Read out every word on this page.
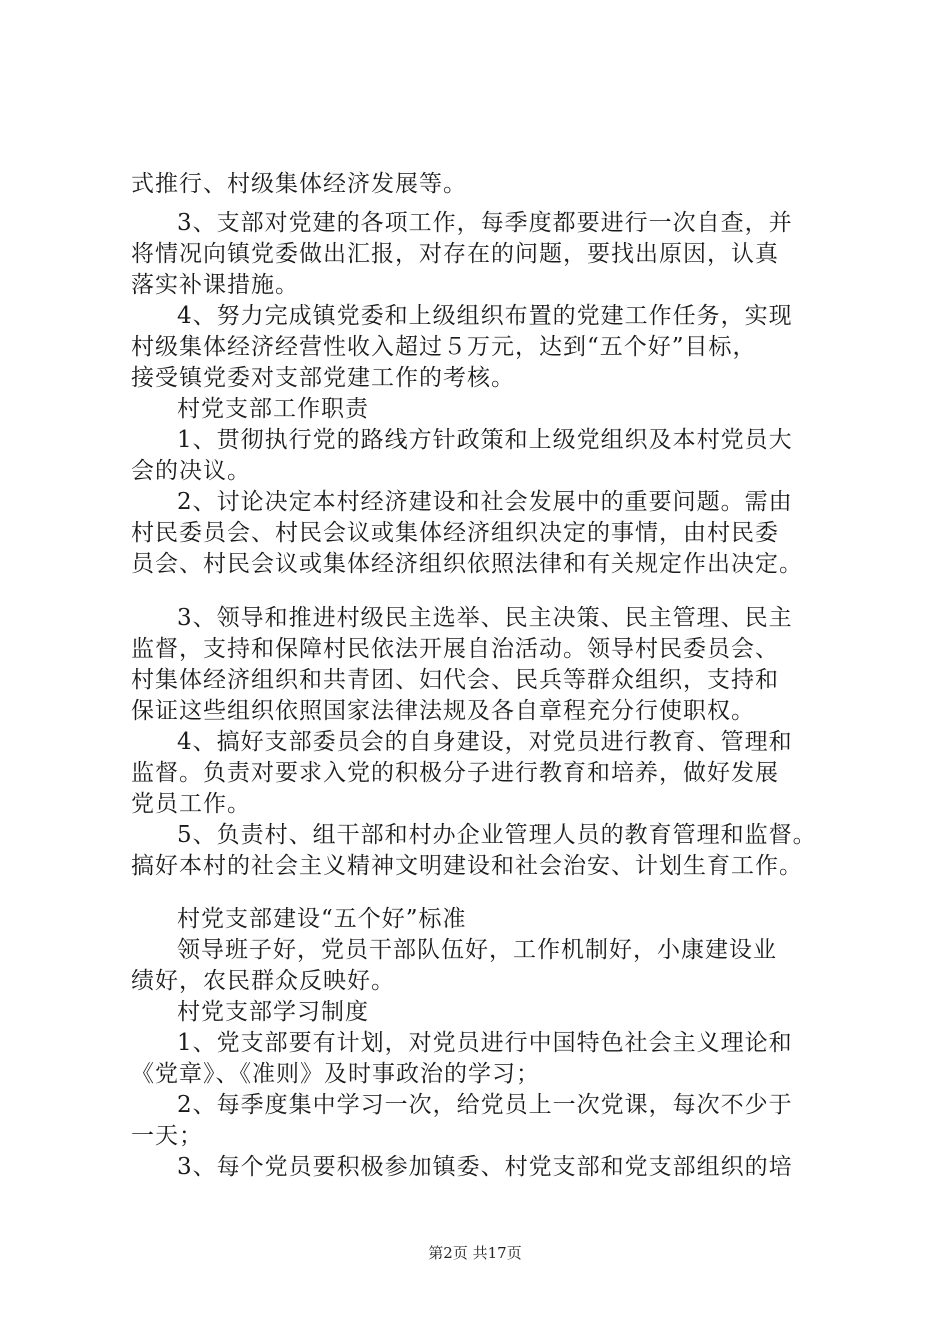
式推行、村级集体经济发展等。
3、支部对党建的各项工作，每季度都要进行一次自查，并
将情况向镇党委做出汇报，对存在的问题，要找出原因，认真
落实补课措施。
4、努力完成镇党委和上级组织布置的党建工作任务，实现
村级集体经济经营性收入超过５万元，达到“五个好”目标，
接受镇党委对支部党建工作的考核。
村党支部工作职责
1、贯彻执行党的路线方针政策和上级党组织及本村党员大
会的决议。
2、讨论决定本村经济建设和社会发展中的重要问题。需由
村民委员会、村民会议或集体经济组织决定的事情，由村民委
员会、村民会议或集体经济组织依照法律和有关规定作出决定。
3、领导和推进村级民主选举、民主决策、民主管理、民主
监督，支持和保障村民依法开展自治活动。领导村民委员会、
村集体经济组织和共青团、妇代会、民兵等群众组织，支持和
保证这些组织依照国家法律法规及各自章程充分行使职权。
4、搞好支部委员会的自身建设，对党员进行教育、管理和
监督。负责对要求入党的积极分子进行教育和培养，做好发展
党员工作。
5、负责村、组干部和村办企业管理人员的教育管理和监督。
搞好本村的社会主义精神文明建设和社会治安、计划生育工作。
村党支部建设“五个好”标准
领导班子好，党员干部队伍好，工作机制好，小康建设业
绩好，农民群众反映好。
村党支部学习制度
1、党支部要有计划，对党员进行中国特色社会主义理论和
《党章》、《准则》及时事政治的学习；
2、每季度集中学习一次，给党员上一次党课，每次不少于
一天；
3、每个党员要积极参加镇委、村党支部和党支部组织的培
第2页 共17页
